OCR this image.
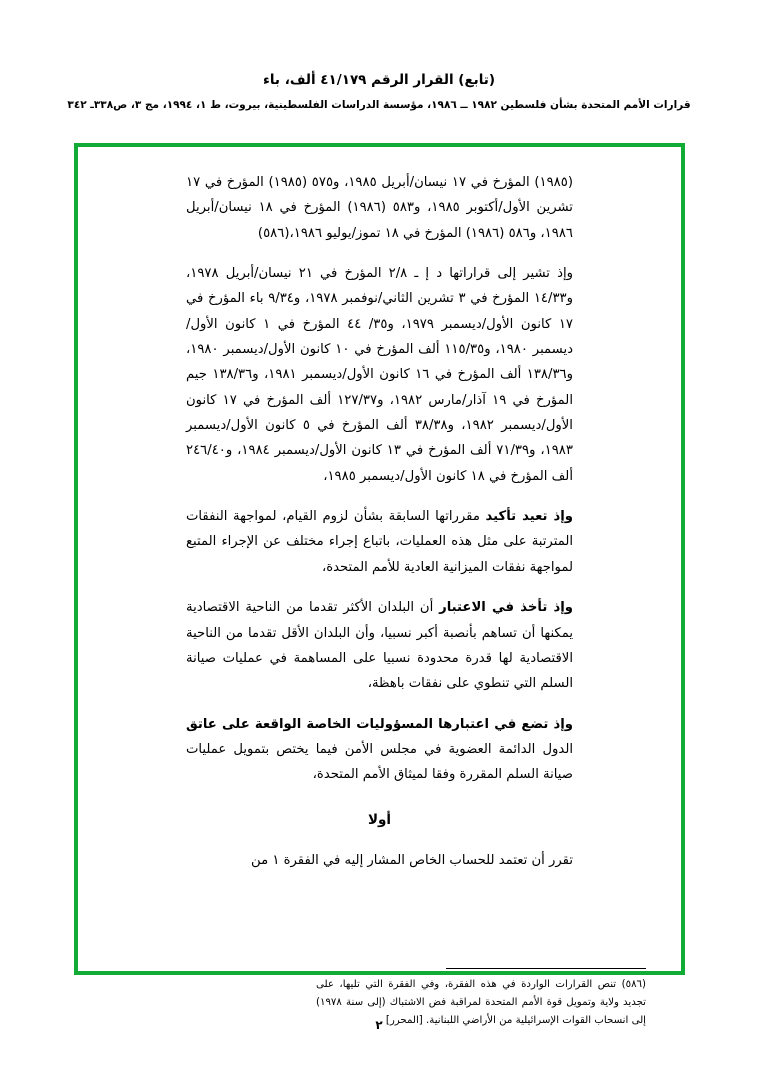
(تابع) القرار الرقم ٤١/١٧٩ ألف، باء
قرارات الأمم المتحدة بشأن فلسطين ١٩٨٢ ــ ١٩٨٦، مؤسسة الدراسات الفلسطينية، بيروت، ط ١، ١٩٩٤، مج ٣، ص٣٣٨ـ ٣٤٢

(١٩٨٥) المؤرخ في ١٧ نيسان/أبريل ١٩٨٥، و٥٧٥ (١٩٨٥) المؤرخ في ١٧ تشرين الأول/أكتوبر ١٩٨٥، و٥٨٣ (١٩٨٦) المؤرخ في ١٨ نيسان/أبريل ١٩٨٦، و٥٨٦ (١٩٨٦) المؤرخ في ١٨ تموز/يوليو ١٩٨٦،(٥٨٦)

وإذ تشير إلى قراراتها د إ ـ ٢/٨ المؤرخ في ٢١ نيسان/أبريل ١٩٧٨، و١٤/٣٣ المؤرخ في ٣ تشرين الثاني/نوفمبر ١٩٧٨، و٩/٣٤ باء المؤرخ في ١٧ كانون الأول/ديسمبر ١٩٧٩، و٣٥/ ٤٤ المؤرخ في ١ كانون الأول/ديسمبر ١٩٨٠، و١١٥/٣٥ ألف المؤرخ في ١٠ كانون الأول/ديسمبر ١٩٨٠، و١٣٨/٣٦ ألف المؤرخ في ١٦ كانون الأول/ديسمبر ١٩٨١، و١٣٨/٣٦ جيم المؤرخ في ١٩ آذار/مارس ١٩٨٢، و١٢٧/٣٧ ألف المؤرخ في ١٧ كانون الأول/ديسمبر ١٩٨٢، و٣٨/٣٨ ألف المؤرخ في ٥ كانون الأول/ديسمبر ١٩٨٣، و٧١/٣٩ ألف المؤرخ في ١٣ كانون الأول/ديسمبر ١٩٨٤، و٢٤٦/٤٠ ألف المؤرخ في ١٨ كانون الأول/ديسمبر ١٩٨٥،

وإذ تعيد تأكيد مقرراتها السابقة بشأن لزوم القيام، لمواجهة النفقات المترتبة على مثل هذه العمليات، باتباع إجراء مختلف عن الإجراء المتبع لمواجهة نفقات الميزانية العادية للأمم المتحدة،

وإذ تأخذ في الاعتبار أن البلدان الأكثر تقدما من الناحية الاقتصادية يمكنها أن تساهم بأنصبة أكبر نسبيا، وأن البلدان الأقل تقدما من الناحية الاقتصادية لها قدرة محدودة نسبيا على المساهمة في عمليات صيانة السلم التي تنطوي على نفقات باهظة،

وإذ تضع في اعتبارها المسؤوليات الخاصة الواقعة على عاتق الدول الدائمة العضوية في مجلس الأمن فيما يختص بتمويل عمليات صيانة السلم المقررة وفقا لميثاق الأمم المتحدة،

أولا

تقرر أن تعتمد للحساب الخاص المشار إليه في الفقرة ١ من

(٥٨٦) تنص القرارات الواردة في هذه الفقرة، وفي الفقرة التي تليها، على تجديد ولاية وتمويل قوة الأمم المتحدة لمراقبة فض الاشتباك (إلى سنة ١٩٧٨) إلى انسحاب القوات الإسرائيلية من الأراضي اللبنانية. [المحرر]

٢
